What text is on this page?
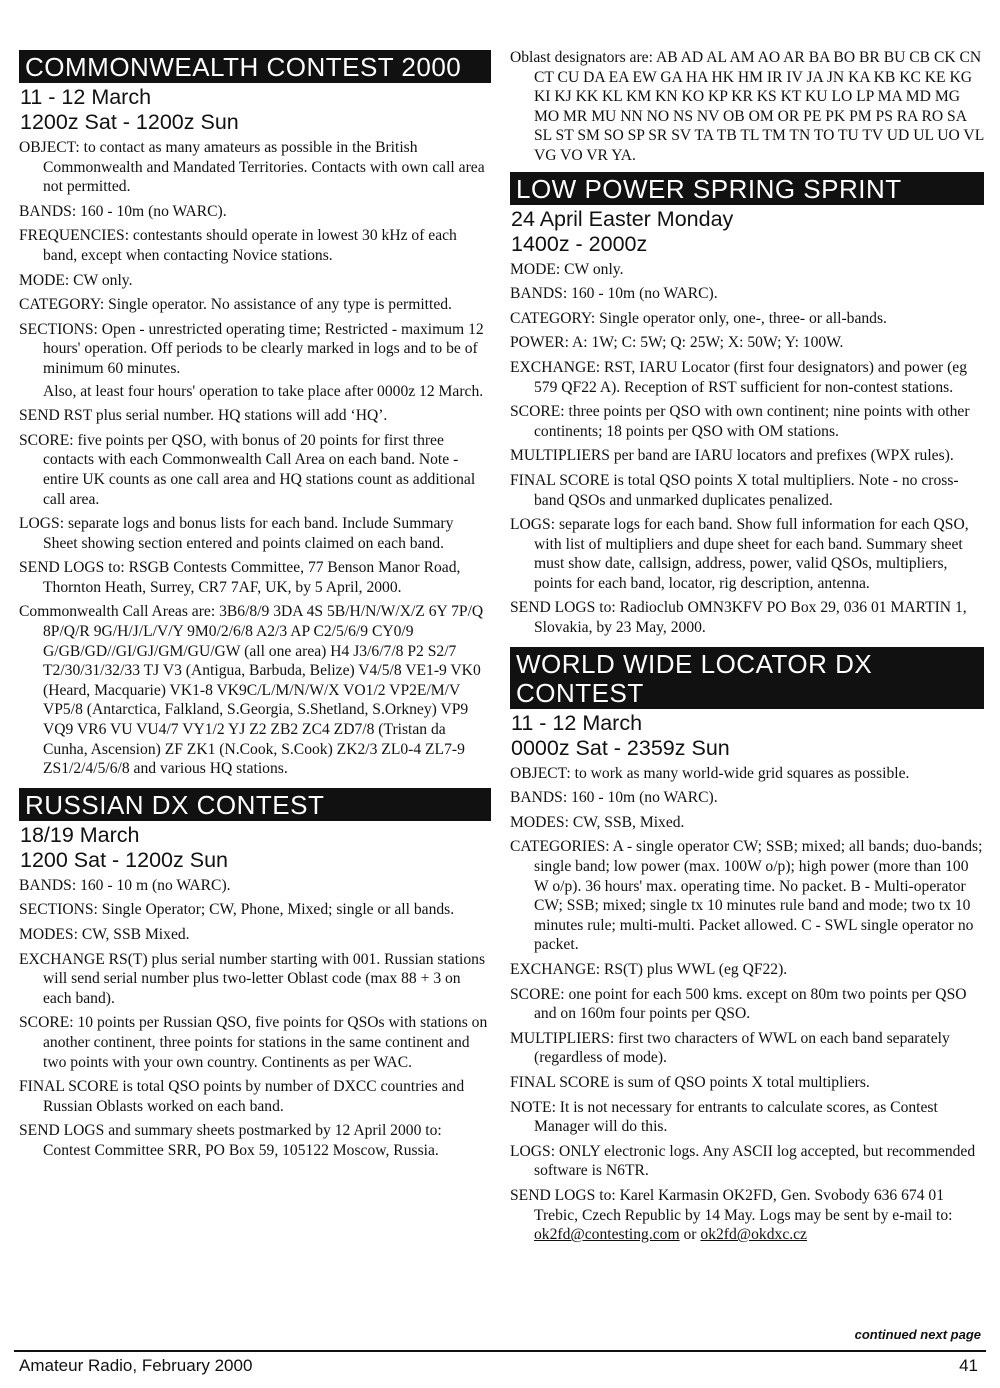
COMMONWEALTH CONTEST 2000
11 - 12 March
1200z Sat - 1200z Sun
OBJECT: to contact as many amateurs as possible in the British Commonwealth and Mandated Territories. Contacts with own call area not permitted.
BANDS: 160 - 10m (no WARC).
FREQUENCIES: contestants should operate in lowest 30 kHz of each band, except when contacting Novice stations.
MODE: CW only.
CATEGORY: Single operator. No assistance of any type is permitted.
SECTIONS: Open - unrestricted operating time; Restricted - maximum 12 hours' operation. Off periods to be clearly marked in logs and to be of minimum 60 minutes.
Also, at least four hours' operation to take place after 0000z 12 March.
SEND RST plus serial number. HQ stations will add ‘HQ’.
SCORE: five points per QSO, with bonus of 20 points for first three contacts with each Commonwealth Call Area on each band. Note - entire UK counts as one call area and HQ stations count as additional call area.
LOGS: separate logs and bonus lists for each band. Include Summary Sheet showing section entered and points claimed on each band.
SEND LOGS to: RSGB Contests Committee, 77 Benson Manor Road, Thornton Heath, Surrey, CR7 7AF, UK, by 5 April, 2000.
Commonwealth Call Areas are: 3B6/8/9 3DA 4S 5B/H/N/W/X/Z 6Y 7P/Q 8P/Q/R 9G/H/J/L/V/Y 9M0/2/6/8 A2/3 AP C2/5/6/9 CY0/9 G/GB/GD//GI/GJ/GM/GU/GW (all one area) H4 J3/6/7/8 P2 S2/7 T2/30/31/32/33 TJ V3 (Antigua, Barbuda, Belize) V4/5/8 VE1-9 VK0 (Heard, Macquarie) VK1-8 VK9C/L/M/N/W/X VO1/2 VP2E/M/V VP5/8 (Antarctica, Falkland, S.Georgia, S.Shetland, S.Orkney) VP9 VQ9 VR6 VU VU4/7 VY1/2 YJ Z2 ZB2 ZC4 ZD7/8 (Tristan da Cunha, Ascension) ZF ZK1 (N.Cook, S.Cook) ZK2/3 ZL0-4 ZL7-9 ZS1/2/4/5/6/8 and various HQ stations.
RUSSIAN DX CONTEST
18/19 March
1200 Sat - 1200z Sun
BANDS: 160 - 10 m (no WARC).
SECTIONS: Single Operator; CW, Phone, Mixed; single or all bands.
MODES: CW, SSB Mixed.
EXCHANGE RS(T) plus serial number starting with 001. Russian stations will send serial number plus two-letter Oblast code (max 88 + 3 on each band).
SCORE: 10 points per Russian QSO, five points for QSOs with stations on another continent, three points for stations in the same continent and two points with your own country. Continents as per WAC.
FINAL SCORE is total QSO points by number of DXCC countries and Russian Oblasts worked on each band.
SEND LOGS and summary sheets postmarked by 12 April 2000 to: Contest Committee SRR, PO Box 59, 105122 Moscow, Russia.
Oblast designators are: AB AD AL AM AO AR BA BO BR BU CB CK CN CT CU DA EA EW GA HA HK HM IR IV JA JN KA KB KC KE KG KI KJ KK KL KM KN KO KP KR KS KT KU LO LP MA MD MG MO MR MU NN NO NS NV OB OM OR PE PK PM PS RA RO SA SL ST SM SO SP SR SV TA TB TL TM TN TO TU TV UD UL UO VL VG VO VR YA.
LOW POWER SPRING SPRINT
24 April Easter Monday
1400z - 2000z
MODE: CW only.
BANDS: 160 - 10m (no WARC).
CATEGORY: Single operator only, one-, three- or all-bands.
POWER: A: 1W; C: 5W; Q: 25W; X: 50W; Y: 100W.
EXCHANGE: RST, IARU Locator (first four designators) and power (eg 579 QF22 A). Reception of RST sufficient for non-contest stations.
SCORE: three points per QSO with own continent; nine points with other continents; 18 points per QSO with OM stations.
MULTIPLIERS per band are IARU locators and prefixes (WPX rules).
FINAL SCORE is total QSO points X total multipliers. Note - no cross-band QSOs and unmarked duplicates penalized.
LOGS: separate logs for each band. Show full information for each QSO, with list of multipliers and dupe sheet for each band. Summary sheet must show date, callsign, address, power, valid QSOs, multipliers, points for each band, locator, rig description, antenna.
SEND LOGS to: Radioclub OMN3KFV PO Box 29, 036 01 MARTIN 1, Slovakia, by 23 May, 2000.
WORLD WIDE LOCATOR DX CONTEST
11 - 12 March
0000z Sat - 2359z Sun
OBJECT: to work as many world-wide grid squares as possible.
BANDS: 160 - 10m (no WARC).
MODES: CW, SSB, Mixed.
CATEGORIES: A - single operator CW; SSB; mixed; all bands; duo-bands; single band; low power (max. 100W o/p); high power (more than 100 W o/p). 36 hours' max. operating time. No packet. B - Multi-operator CW; SSB; mixed; single tx 10 minutes rule band and mode; two tx 10 minutes rule; multi-multi. Packet allowed. C - SWL single operator no packet.
EXCHANGE: RS(T) plus WWL (eg QF22).
SCORE: one point for each 500 kms. except on 80m two points per QSO and on 160m four points per QSO.
MULTIPLIERS: first two characters of WWL on each band separately (regardless of mode).
FINAL SCORE is sum of QSO points X total multipliers.
NOTE: It is not necessary for entrants to calculate scores, as Contest Manager will do this.
LOGS: ONLY electronic logs. Any ASCII log accepted, but recommended software is N6TR.
SEND LOGS to: Karel Karmasin OK2FD, Gen. Svobody 636 674 01 Trebic, Czech Republic by 14 May. Logs may be sent by e-mail to: ok2fd@contesting.com or ok2fd@okdxc.cz
continued next page
Amateur Radio, February 2000	41
